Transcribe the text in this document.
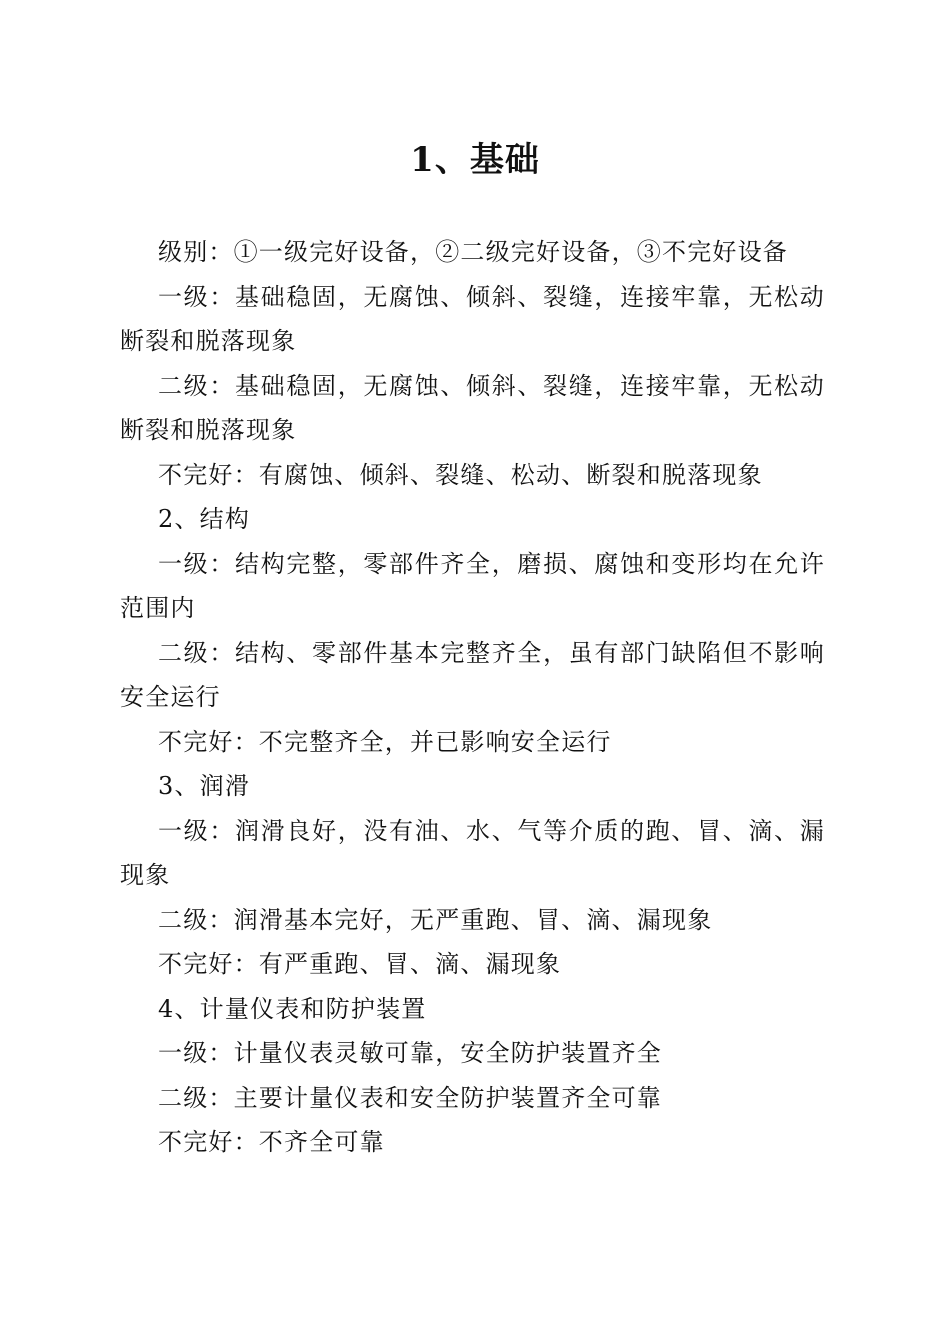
1、基础

级别：①一级完好设备，②二级完好设备，③不完好设备

一级：基础稳固，无腐蚀、倾斜、裂缝，连接牢靠，无松动断裂和脱落现象

二级：基础稳固，无腐蚀、倾斜、裂缝，连接牢靠，无松动断裂和脱落现象

不完好：有腐蚀、倾斜、裂缝、松动、断裂和脱落现象

2、结构

一级：结构完整，零部件齐全，磨损、腐蚀和变形均在允许范围内

二级：结构、零部件基本完整齐全，虽有部门缺陷但不影响安全运行

不完好：不完整齐全，并已影响安全运行

3、润滑

一级：润滑良好，没有油、水、气等介质的跑、冒、滴、漏现象

二级：润滑基本完好，无严重跑、冒、滴、漏现象

不完好：有严重跑、冒、滴、漏现象

4、计量仪表和防护装置

一级：计量仪表灵敏可靠，安全防护装置齐全

二级：主要计量仪表和安全防护装置齐全可靠

不完好：不齐全可靠
